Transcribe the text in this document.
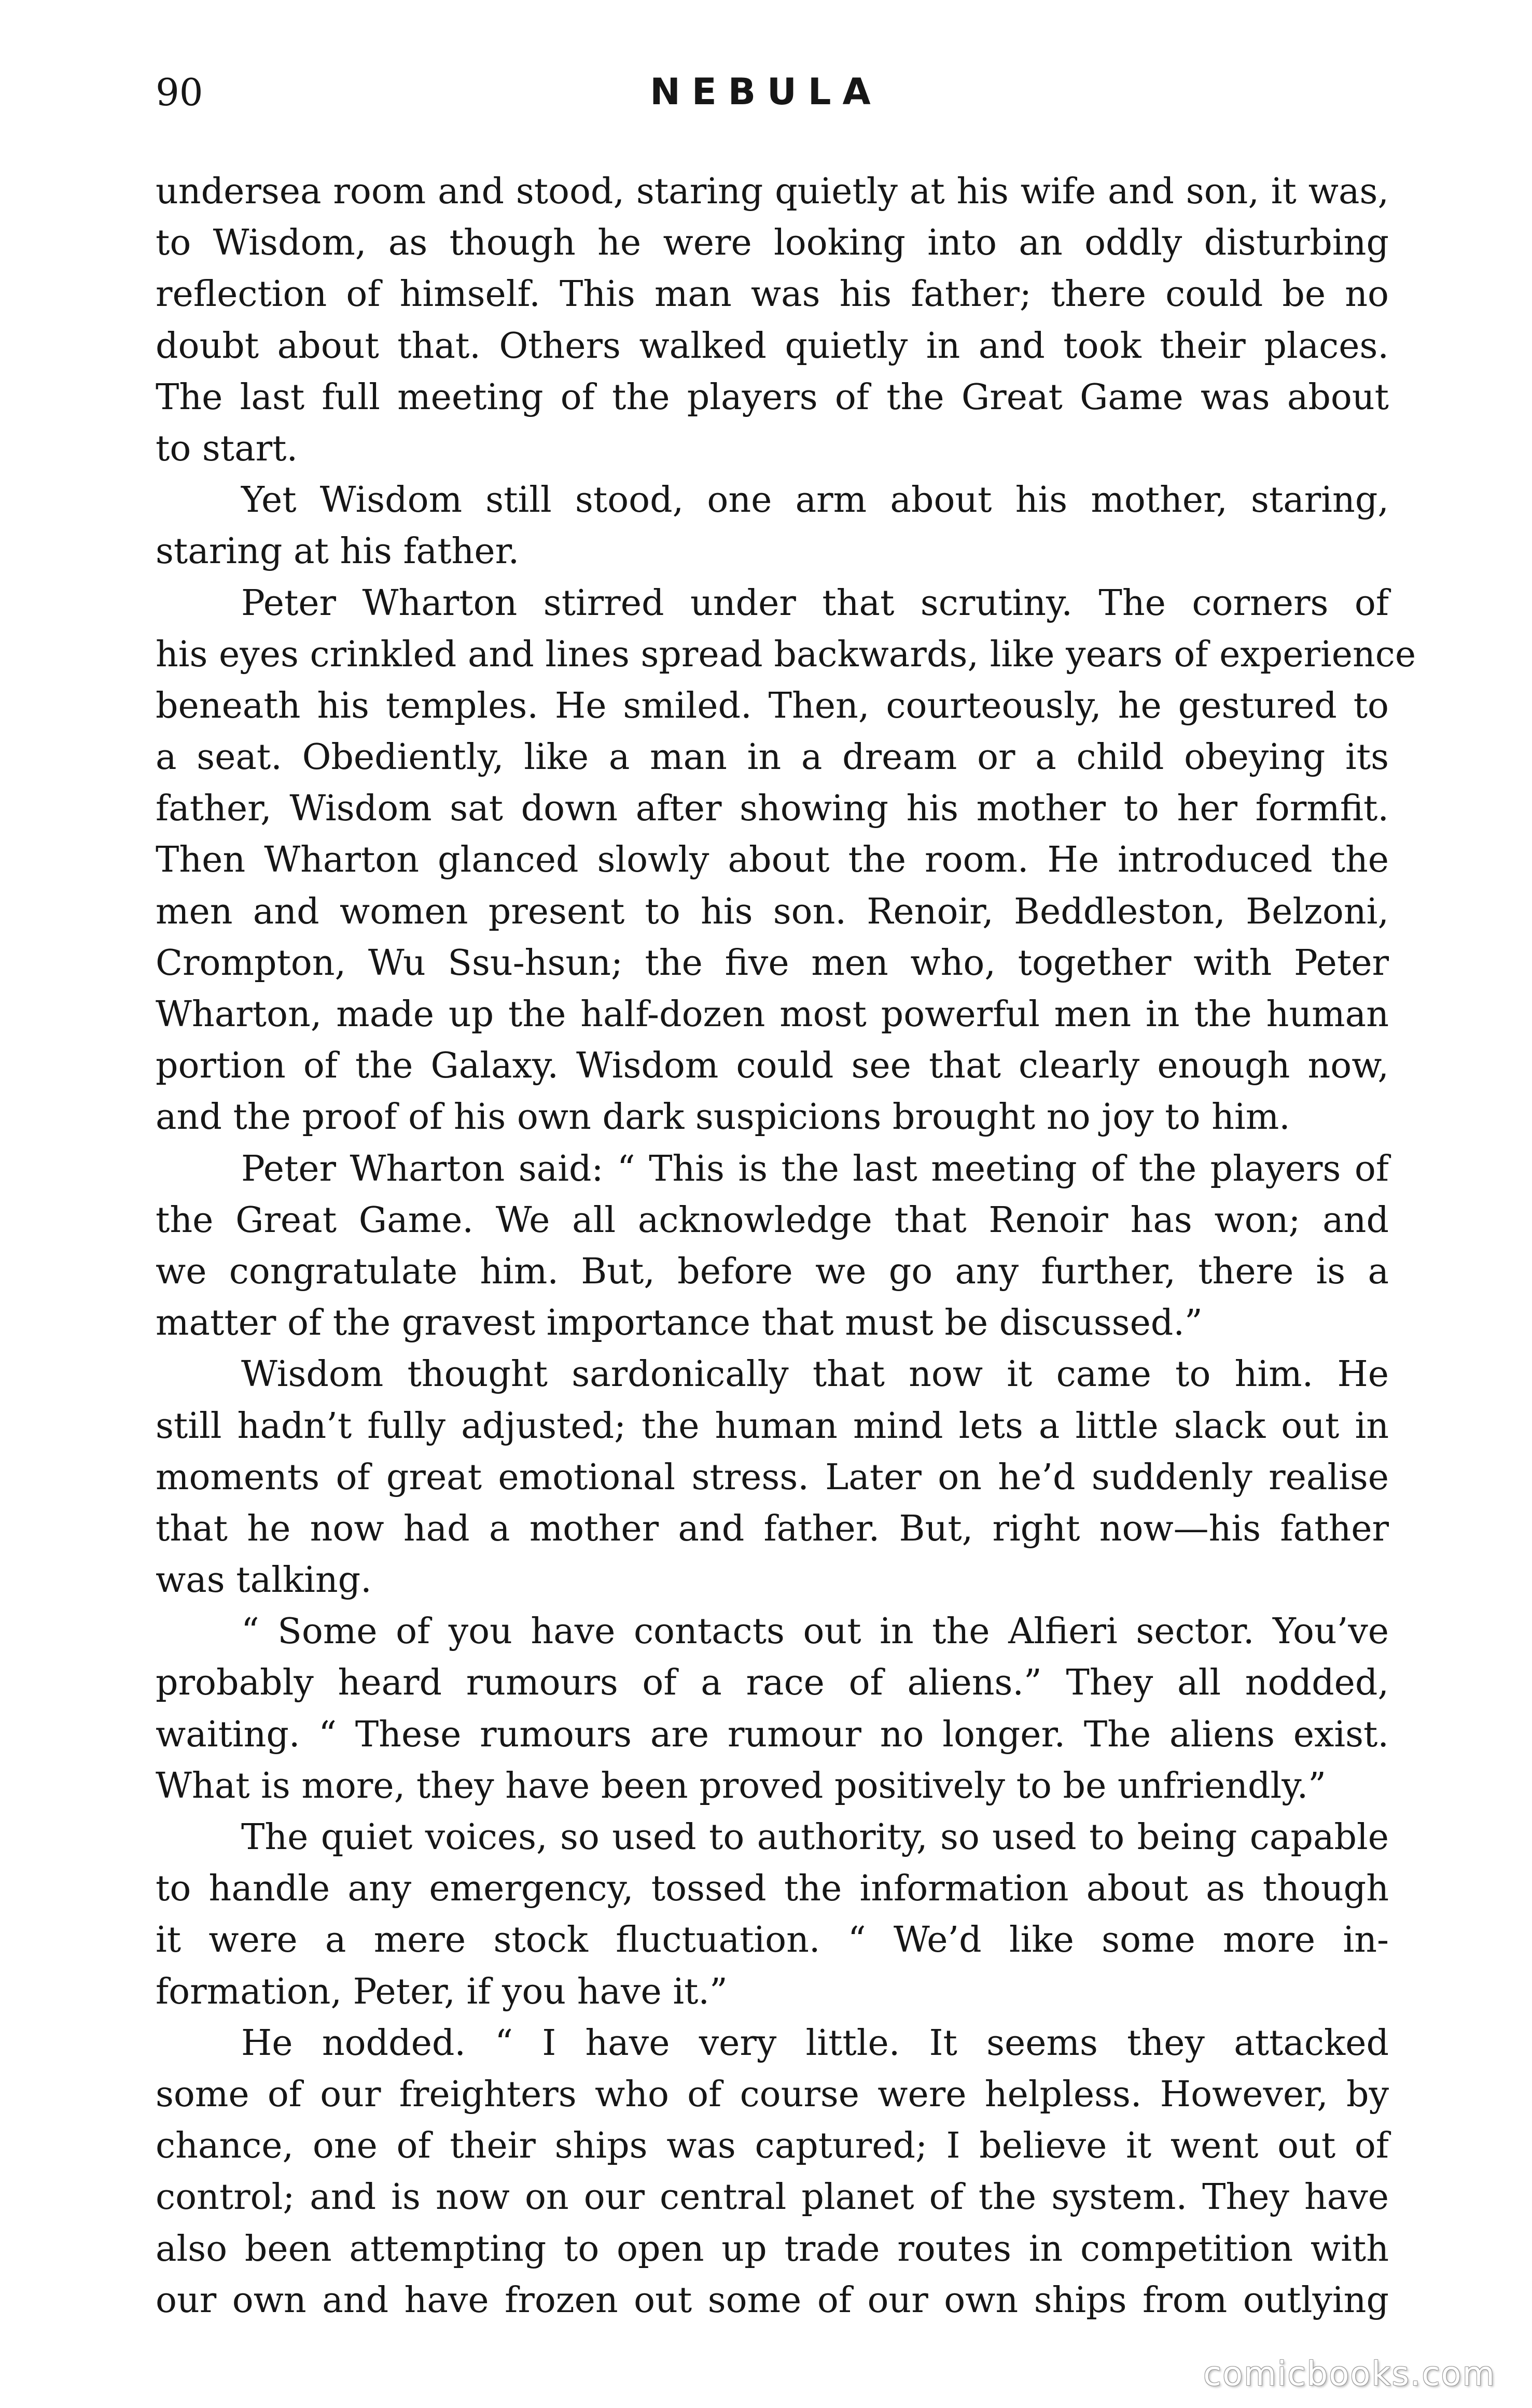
90	NEBULA
undersea room and stood, staring quietly at his wife and son, it was,
to Wisdom, as though he were looking into an oddly disturbing
reflection of himself. This man was his father; there could be no
doubt about that. Others walked quietly in and took their places.
The last full meeting of the players of the Great Game was about
to start.
Yet Wisdom still stood, one arm about his mother, staring,
staring at his father.
Peter Wharton stirred under that scrutiny. The corners of
his eyes crinkled and lines spread backwards, like years of experience
beneath his temples. He smiled. Then, courteously, he gestured to
a seat. Obediently, like a man in a dream or a child obeying its
father, Wisdom sat down after showing his mother to her formfit.
Then Wharton glanced slowly about the room. He introduced the
men and women present to his son. Renoir, Beddleston, Belzoni,
Crompton, Wu Ssu-hsun; the five men who, together with Peter
Wharton, made up the half-dozen most powerful men in the human
portion of the Galaxy. Wisdom could see that clearly enough now,
and the proof of his own dark suspicions brought no joy to him.
Peter Wharton said: “ This is the last meeting of the players of
the Great Game. We all acknowledge that Renoir has won; and
we congratulate him. But, before we go any further, there is a
matter of the gravest importance that must be discussed.”
Wisdom thought sardonically that now it came to him. He
still hadn’t fully adjusted; the human mind lets a little slack out in
moments of great emotional stress. Later on he’d suddenly realise
that he now had a mother and father. But, right now—his father
was talking.
“ Some of you have contacts out in the Alfieri sector. You’ve
probably heard rumours of a race of aliens.” They all nodded,
waiting. “ These rumours are rumour no longer. The aliens exist.
What is more, they have been proved positively to be unfriendly.”
The quiet voices, so used to authority, so used to being capable
to handle any emergency, tossed the information about as though
it were a mere stock fluctuation. “ We’d like some more in-
formation, Peter, if you have it.”
He nodded. “ I have very little. It seems they attacked
some of our freighters who of course were helpless. However, by
chance, one of their ships was captured; I believe it went out of
control; and is now on our central planet of the system. They have
also been attempting to open up trade routes in competition with
our own and have frozen out some of our own ships from outlying
comicbooks.com
